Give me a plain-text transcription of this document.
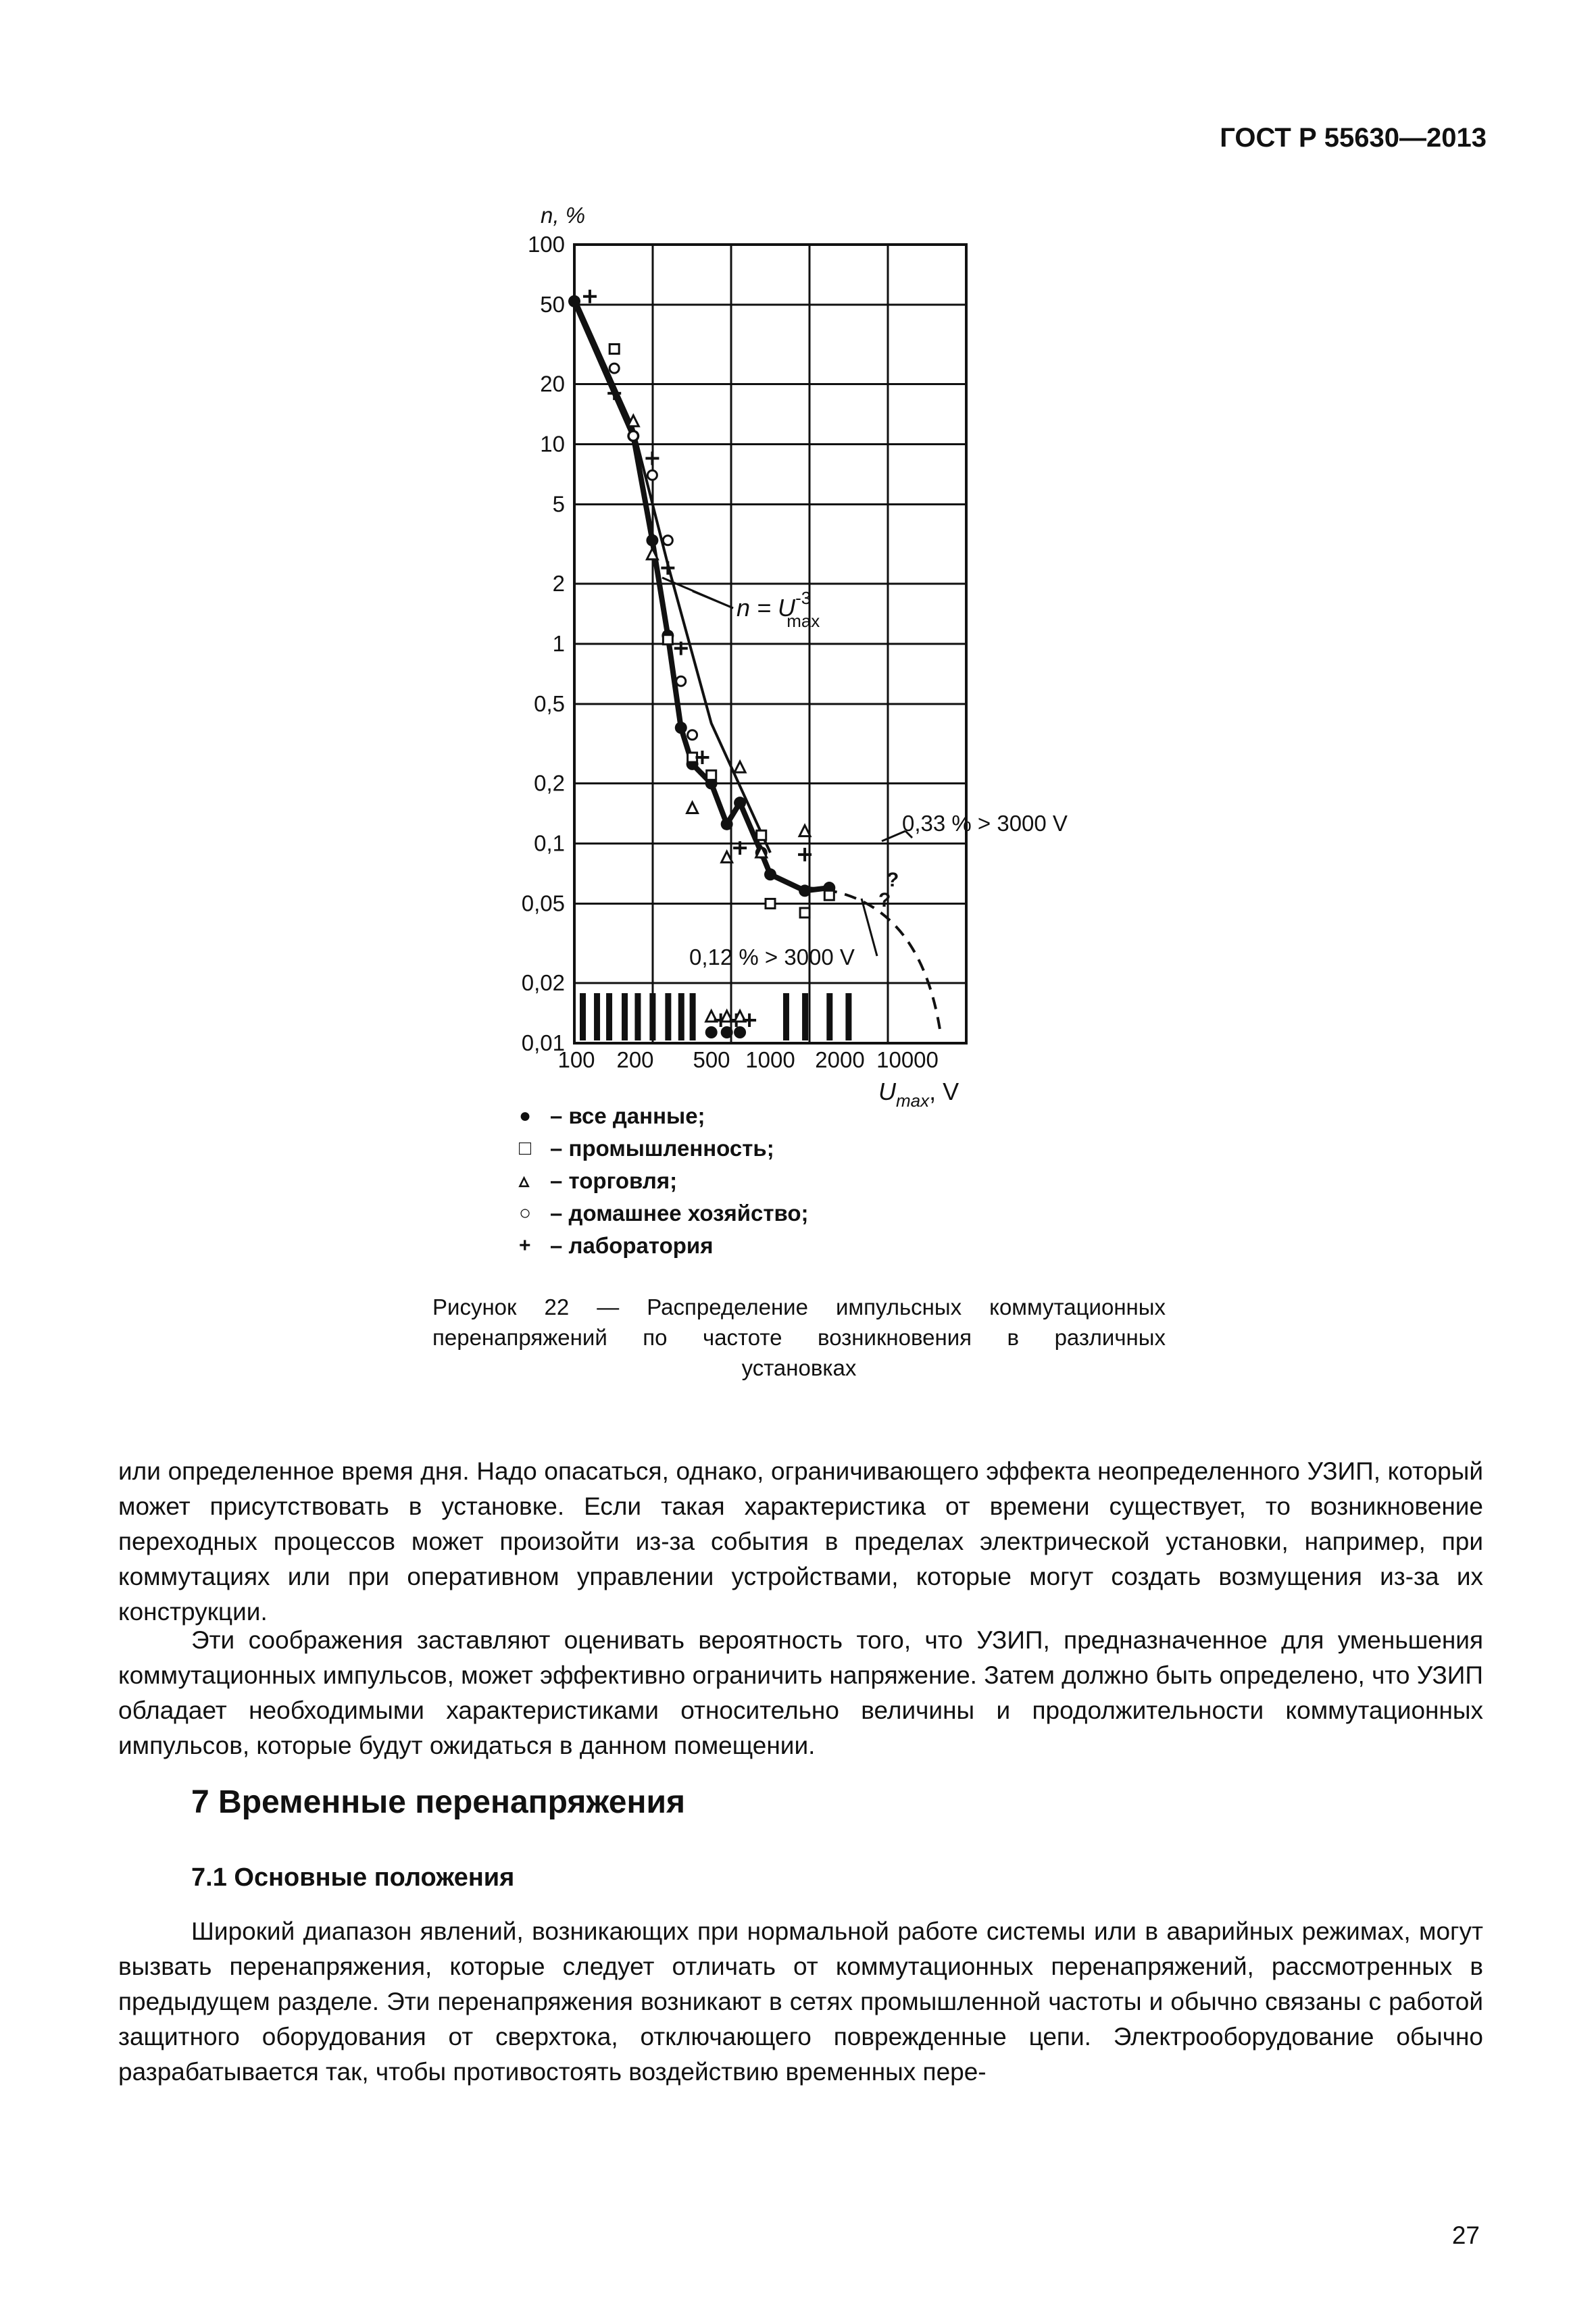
ГОСТ Р 55630—2013
100
50
20
10
5
2
1
0,5
0,2
0,1
0,05
0,02
0,01
n, %
100 200 500 1000 2000 10000
$U_{max}$, V
$n = U^{-3}$ max
0,33 % > 3000 V
?
?
0,12 % > 3000 V
● – все данные;
□ – промышленность;
▵ – торговля;
○ – домашнее хозяйство;
+ – лаборатория
Рисунок 22 — Распределение импульсных коммутационных
перенапряжений по частоте возникновения в различных
установках

или определенное время дня. Надо опасаться, однако, ограничивающего эффекта неопределенного УЗИП, который может присутствовать в установке. Если такая характеристика от времени существует, то возникновение переходных процессов может произойти из-за события в пределах электрической установки, например, при коммутациях или при оперативном управлении устройствами, которые могут создать возмущения из-за их конструкции.

Эти соображения заставляют оценивать вероятность того, что УЗИП, предназначенное для уменьшения коммутационных импульсов, может эффективно ограничить напряжение. Затем должно быть определено, что УЗИП обладает необходимыми характеристиками относительно величины и продолжительности коммутационных импульсов, которые будут ожидаться в данном помещении.

7 Временные перенапряжения
7.1 Основные положения

Широкий диапазон явлений, возникающих при нормальной работе системы или в аварийных режимах, могут вызвать перенапряжения, которые следует отличать от коммутационных перенапряжений, рассмотренных в предыдущем разделе. Эти перенапряжения возникают в сетях промышленной частоты и обычно связаны с работой защитного оборудования от сверхтока, отключающего поврежденные цепи. Электрооборудование обычно разрабатывается так, чтобы противостоять воздействию временных пере-

27
